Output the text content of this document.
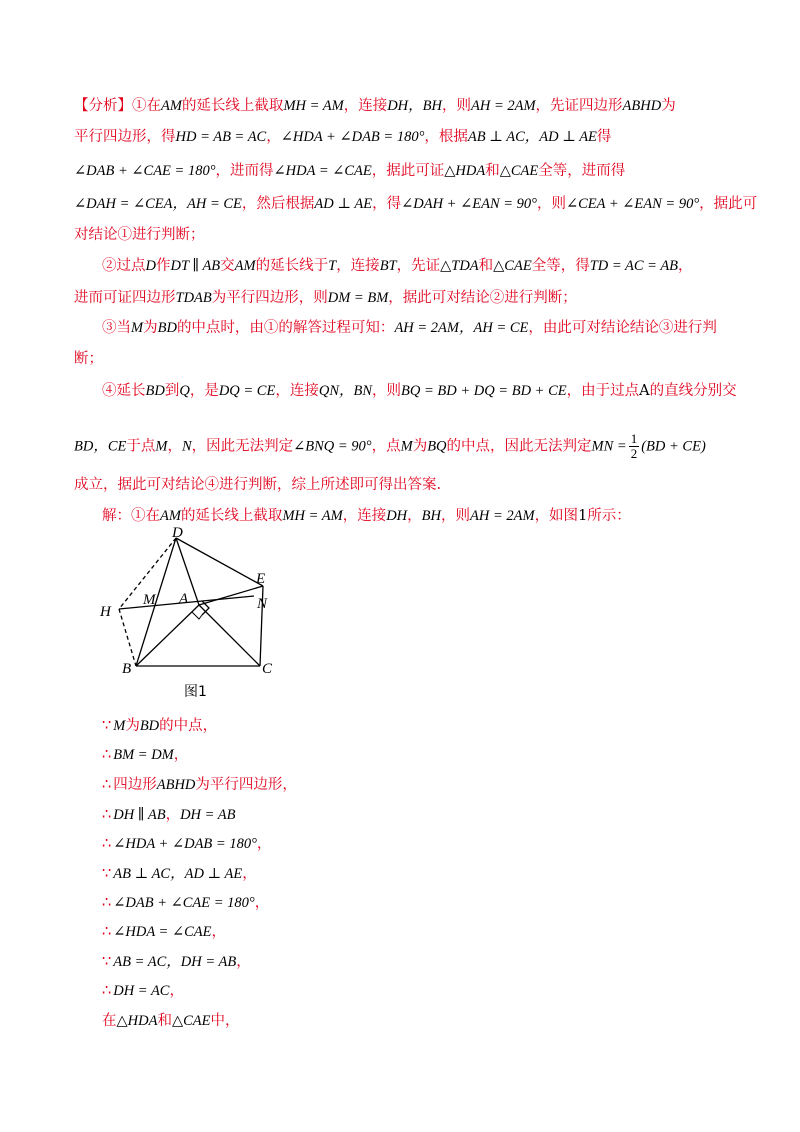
【分析】①在AM的延长线上截取MH = AM，连接DH，BH，则AH = 2AM，先证四边形ABHD为
平行四边形，得HD = AB = AC，∠HDA + ∠DAB = 180°，根据AB ⊥ AC，AD ⊥ AE得
∠DAB + ∠CAE = 180°，进而得∠HDA = ∠CAE，据此可证△HDA和△CAE全等，进而得
∠DAH = ∠CEA，AH = CE，然后根据AD ⊥ AE，得∠DAH + ∠EAN = 90°，则∠CEA + ∠EAN = 90°，据此可
对结论①进行判断；
②过点D作DT ∥ AB交AM的延长线于T，连接BT，先证△TDA和△CAE全等，得TD = AC = AB，
进而可证四边形TDAB为平行四边形，则DM = BM，据此可对结论②进行判断；
③当M为BD的中点时，由①的解答过程可知：AH = 2AM，AH = CE，由此可对结论结论③进行判
断；
④延长BD到Q，是DQ = CE，连接QN，BN，则BQ = BD + DQ = BD + CE，由于过点A的直线分别交
BD，CE于点M，N，因此无法判定∠BNQ = 90°，点M为BQ的中点，因此无法判定MN = $\frac{1}{2} (BD + CE)$
成立，据此可对结论④进行判断，综上所述即可得出答案.
解：①在AM的延长线上截取MH = AM，连接DH，BH，则AH = 2AM，如图1所示：
D
E
H
M A	N
B	C
图1
∵ M为BD的中点，
∴ BM = DM，
∴ 四边形ABHD为平行四边形，
∴ DH ∥ AB，DH = AB
∴ ∠HDA + ∠DAB = 180°，
∵ AB ⊥ AC，AD ⊥ AE，
∴ ∠DAB + ∠CAE = 180°，
∴ ∠HDA = ∠CAE，
∵ AB = AC，DH = AB，
∴ DH = AC，
在△HDA和△CAE中，
